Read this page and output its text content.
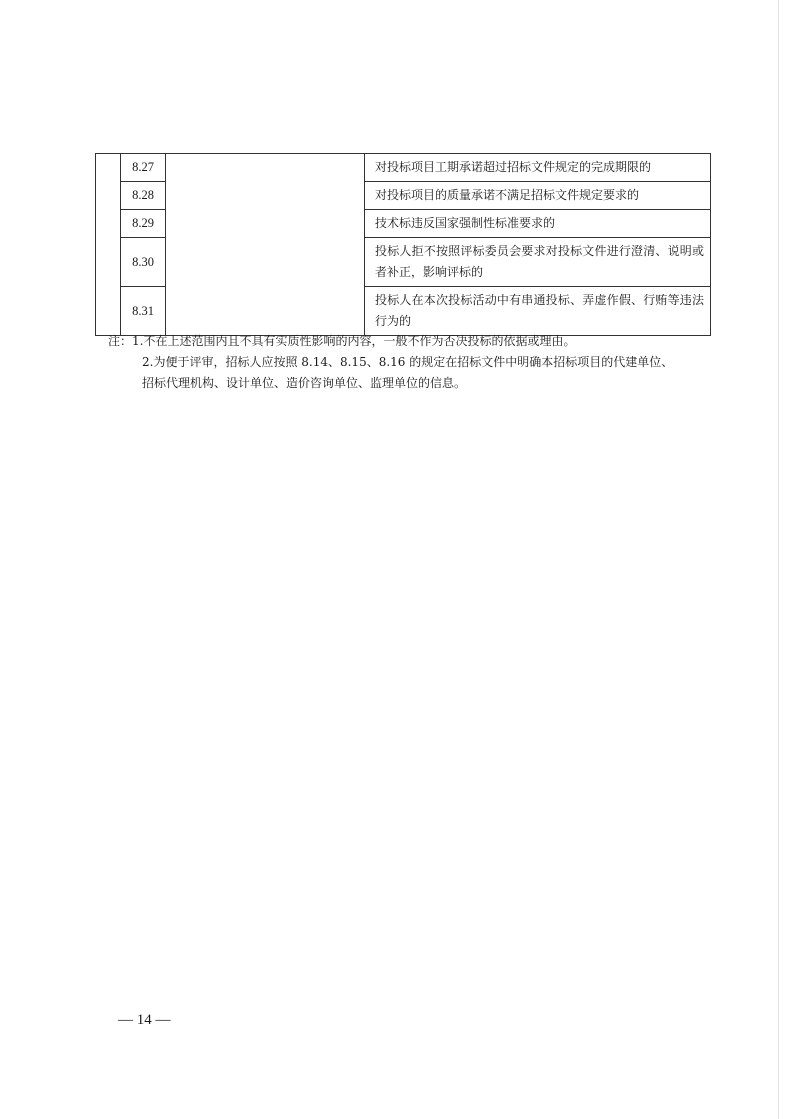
	8.27		对投标项目工期承诺超过招标文件规定的完成期限的
	8.28		对投标项目的质量承诺不满足招标文件规定要求的
	8.29		技术标违反国家强制性标准要求的
	8.30		投标人拒不按照评标委员会要求对投标文件进行澄清、说明或者补正，影响评标的
	8.31		投标人在本次投标活动中有串通投标、弄虚作假、行贿等违法行为的
注：1.不在上述范围内且不具有实质性影响的内容，一般不作为否决投标的依据或理由。
2.为便于评审，招标人应按照 8.14、8.15、8.16 的规定在招标文件中明确本招标项目的代建单位、
招标代理机构、设计单位、造价咨询单位、监理单位的信息。
— 14 —
